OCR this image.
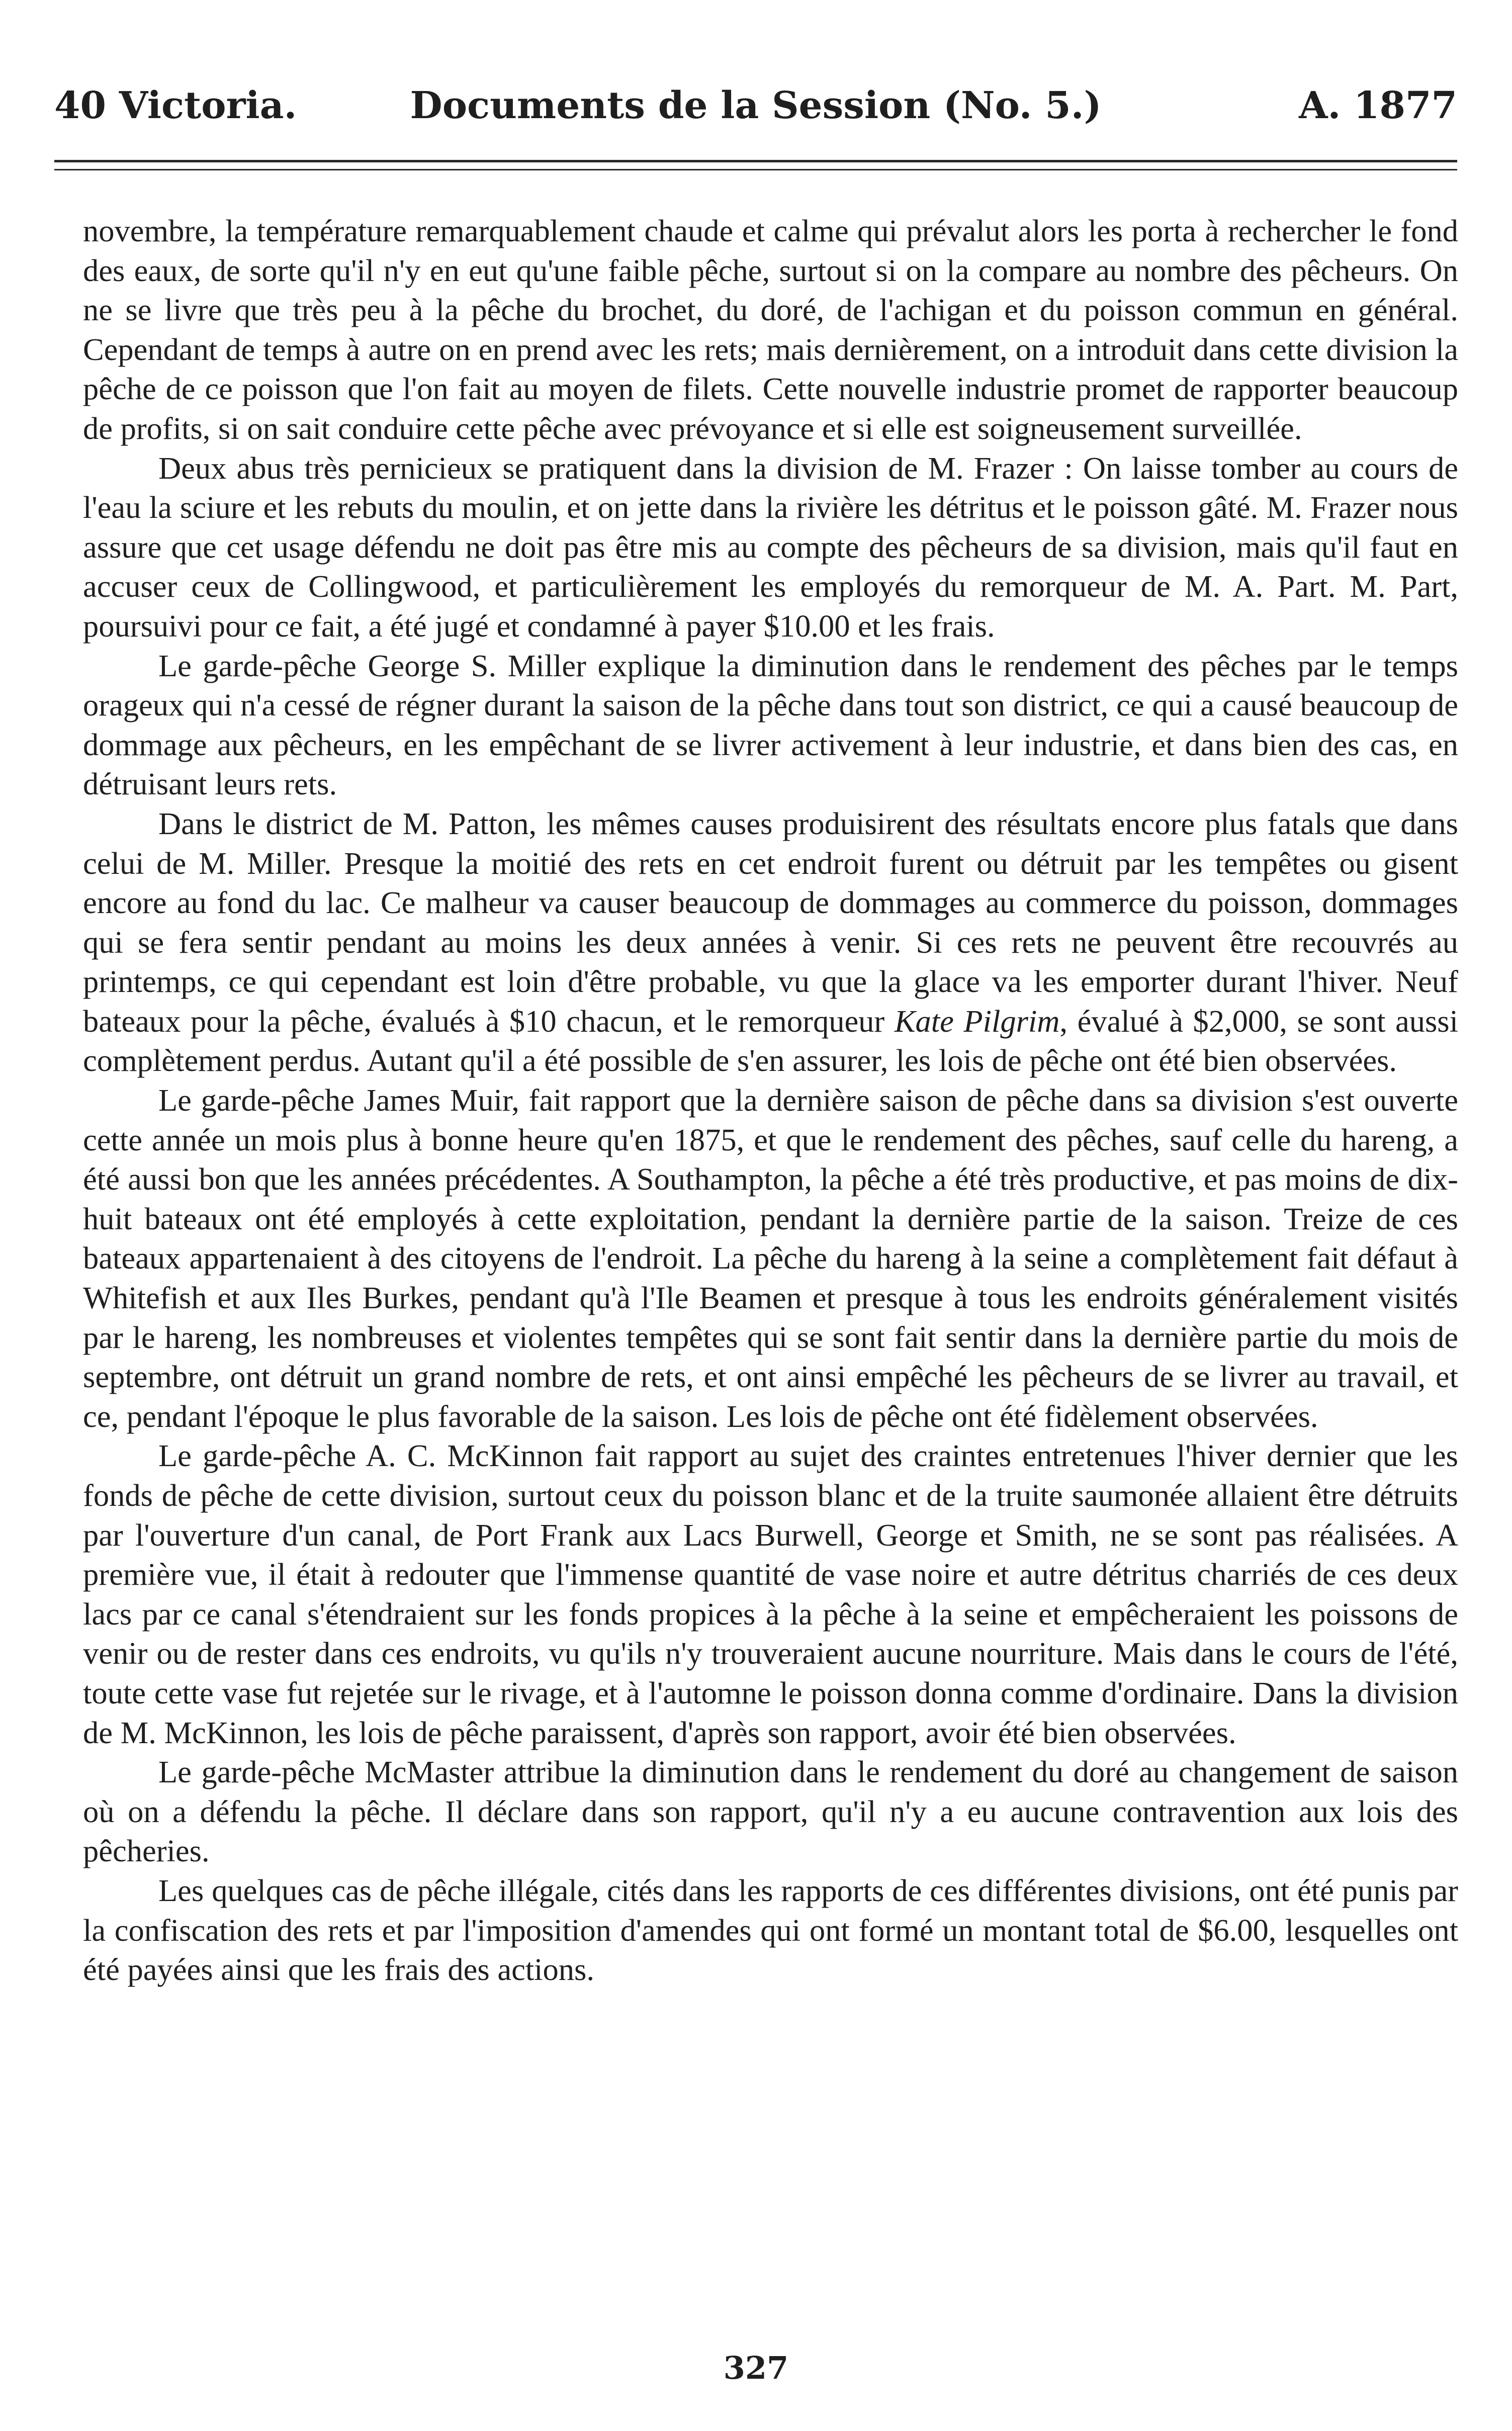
40 Victoria.	Documents de la Session (No. 5.)	A. 1877

novembre, la température remarquablement chaude et calme qui prévalut alors les porta à rechercher le fond des eaux, de sorte qu'il n'y en eut qu'une faible pêche, surtout si on la compare au nombre des pêcheurs. On ne se livre que très peu à la pêche du brochet, du doré, de l'achigan et du poisson commun en général. Cependant de temps à autre on en prend avec les rets; mais dernièrement, on a introduit dans cette division la pêche de ce poisson que l'on fait au moyen de filets. Cette nouvelle industrie promet de rapporter beaucoup de profits, si on sait conduire cette pêche avec prévoyance et si elle est soigneusement surveillée.

Deux abus très pernicieux se pratiquent dans la division de M. Frazer : On laisse tomber au cours de l'eau la sciure et les rebuts du moulin, et on jette dans la rivière les détritus et le poisson gâté. M. Frazer nous assure que cet usage défendu ne doit pas être mis au compte des pêcheurs de sa division, mais qu'il faut en accuser ceux de Collingwood, et particulièrement les employés du remorqueur de M. A. Part. M. Part, poursuivi pour ce fait, a été jugé et condamné à payer $10.00 et les frais.

Le garde-pêche George S. Miller explique la diminution dans le rendement des pêches par le temps orageux qui n'a cessé de régner durant la saison de la pêche dans tout son district, ce qui a causé beaucoup de dommage aux pêcheurs, en les empêchant de se livrer activement à leur industrie, et dans bien des cas, en détruisant leurs rets.

Dans le district de M. Patton, les mêmes causes produisirent des résultats encore plus fatals que dans celui de M. Miller. Presque la moitié des rets en cet endroit furent ou détruit par les tempêtes ou gisent encore au fond du lac. Ce malheur va causer beaucoup de dommages au commerce du poisson, dommages qui se fera sentir pendant au moins les deux années à venir. Si ces rets ne peuvent être recouvrés au printemps, ce qui cependant est loin d'être probable, vu que la glace va les emporter durant l'hiver. Neuf bateaux pour la pêche, évalués à $10 chacun, et le remorqueur Kate Pilgrim, évalué à $2,000, se sont aussi complètement perdus. Autant qu'il a été possible de s'en assurer, les lois de pêche ont été bien observées.

Le garde-pêche James Muir, fait rapport que la dernière saison de pêche dans sa division s'est ouverte cette année un mois plus à bonne heure qu'en 1875, et que le rendement des pêches, sauf celle du hareng, a été aussi bon que les années précédentes. A Southampton, la pêche a été très productive, et pas moins de dix-huit bateaux ont été employés à cette exploitation, pendant la dernière partie de la saison. Treize de ces bateaux appartenaient à des citoyens de l'endroit. La pêche du hareng à la seine a complètement fait défaut à Whitefish et aux Iles Burkes, pendant qu'à l'Ile Beamen et presque à tous les endroits généralement visités par le hareng, les nombreuses et violentes tempêtes qui se sont fait sentir dans la dernière partie du mois de septembre, ont détruit un grand nombre de rets, et ont ainsi empêché les pêcheurs de se livrer au travail, et ce, pendant l'époque le plus favorable de la saison. Les lois de pêche ont été fidèlement observées.

Le garde-pêche A. C. McKinnon fait rapport au sujet des craintes entretenues l'hiver dernier que les fonds de pêche de cette division, surtout ceux du poisson blanc et de la truite saumonée allaient être détruits par l'ouverture d'un canal, de Port Frank aux Lacs Burwell, George et Smith, ne se sont pas réalisées. A première vue, il était à redouter que l'immense quantité de vase noire et autre détritus charriés de ces deux lacs par ce canal s'étendraient sur les fonds propices à la pêche à la seine et empêcheraient les poissons de venir ou de rester dans ces endroits, vu qu'ils n'y trouveraient aucune nourriture. Mais dans le cours de l'été, toute cette vase fut rejetée sur le rivage, et à l'automne le poisson donna comme d'ordinaire. Dans la division de M. McKinnon, les lois de pêche paraissent, d'après son rapport, avoir été bien observées.

Le garde-pêche McMaster attribue la diminution dans le rendement du doré au changement de saison où on a défendu la pêche. Il déclare dans son rapport, qu'il n'y a eu aucune contravention aux lois des pêcheries.

Les quelques cas de pêche illégale, cités dans les rapports de ces différentes divisions, ont été punis par la confiscation des rets et par l'imposition d'amendes qui ont formé un montant total de $6.00, lesquelles ont été payées ainsi que les frais des actions.

327
